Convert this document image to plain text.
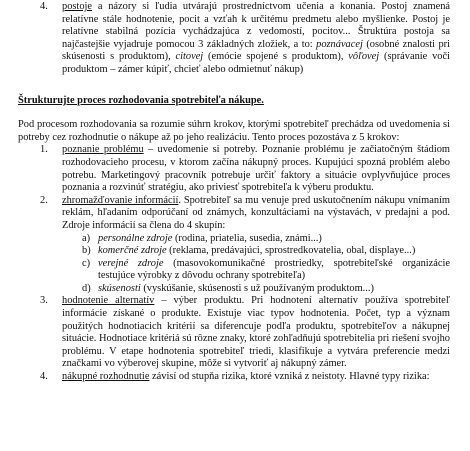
4. postoje a názory si ľudia utvárajú prostredníctvom učenia a konania. Postoj znamená relatívne stále hodnotenie, pocit a vzťah k určitému predmetu alebo myšlienke. Postoj je relatívne stabilná pozícia vychádzajúca z vedomostí, pocitov... Štruktúra postoja sa najčastejšie vyjadruje pomocou 3 základných zložiek, a to: poznávacej (osobné znalosti pri skúsenosti s produktom), citovej (emócie spojené s produktom), vôľovej (správanie voči produktom – zámer kúpiť, chcieť alebo odmietnuť nákup)
Štrukturujte proces rozhodovania spotrebiteľa nákupe.
Pod procesom rozhodovania sa rozumie súhrn krokov, ktorými spotrebiteľ prechádza od uvedomenia si potreby cez rozhodnutie o nákupe až po jeho realizáciu. Tento proces pozostáva z 5 krokov:
1. poznanie problému – uvedomenie si potreby. Poznanie problému je začiatočným štádiom rozhodovacieho procesu, v ktorom začína nákupný proces. Kupujúci spozná problém alebo potrebu. Marketingový pracovník potrebuje určiť faktory a situácie ovplyvňujúce proces poznania a rozvinúť stratégiu, ako priviesť spotrebiteľa k výberu produktu.
2. zhromažďovanie informácií. Spotrebiteľ sa mu venuje pred uskutočnením nákupu vnímaním reklám, hľadaním odporúčaní od známych, konzultáciami na výstavách, v predajni a pod. Zdroje informácií sa člena do 4 skupín:
a) personálne zdroje (rodina, priatelia, susedia, známi...)
b) komerčné zdroje (reklama, predávajúci, sprostredkovatelia, obal, displaye...)
c) verejné zdroje (masovokomunikačné prostriedky, spotrebiteľské organizácie testujúce výrobky z dôvodu ochrany spotrebiteľa)
d) skúsenosti (vyskúšanie, skúsenosti s už používaným produktom...)
3. hodnotenie alternatív – výber produktu. Pri hodnotení alternatív používa spotrebiteľ informácie získané o produkte. Existuje viac typov hodnotenia. Počet, typ a význam použitých hodnotiacich kritérií sa diferencuje podľa produktu, spotrebiteľov a nákupnej situácie. Hodnotiace kritériá sú rôzne znaky, ktoré zohľadňujú spotrebitelia pri riešení svojho problému. V etape hodnotenia spotrebiteľ triedi, klasifikuje a vytvára preferencie medzi značkami vo výberovej skupine, môže si vytvoriť aj nákupný zámer.
4. nákupné rozhodnutie závisí od stupňa rizika, ktoré vzniká z neistoty. Hlavné typy rizika:
